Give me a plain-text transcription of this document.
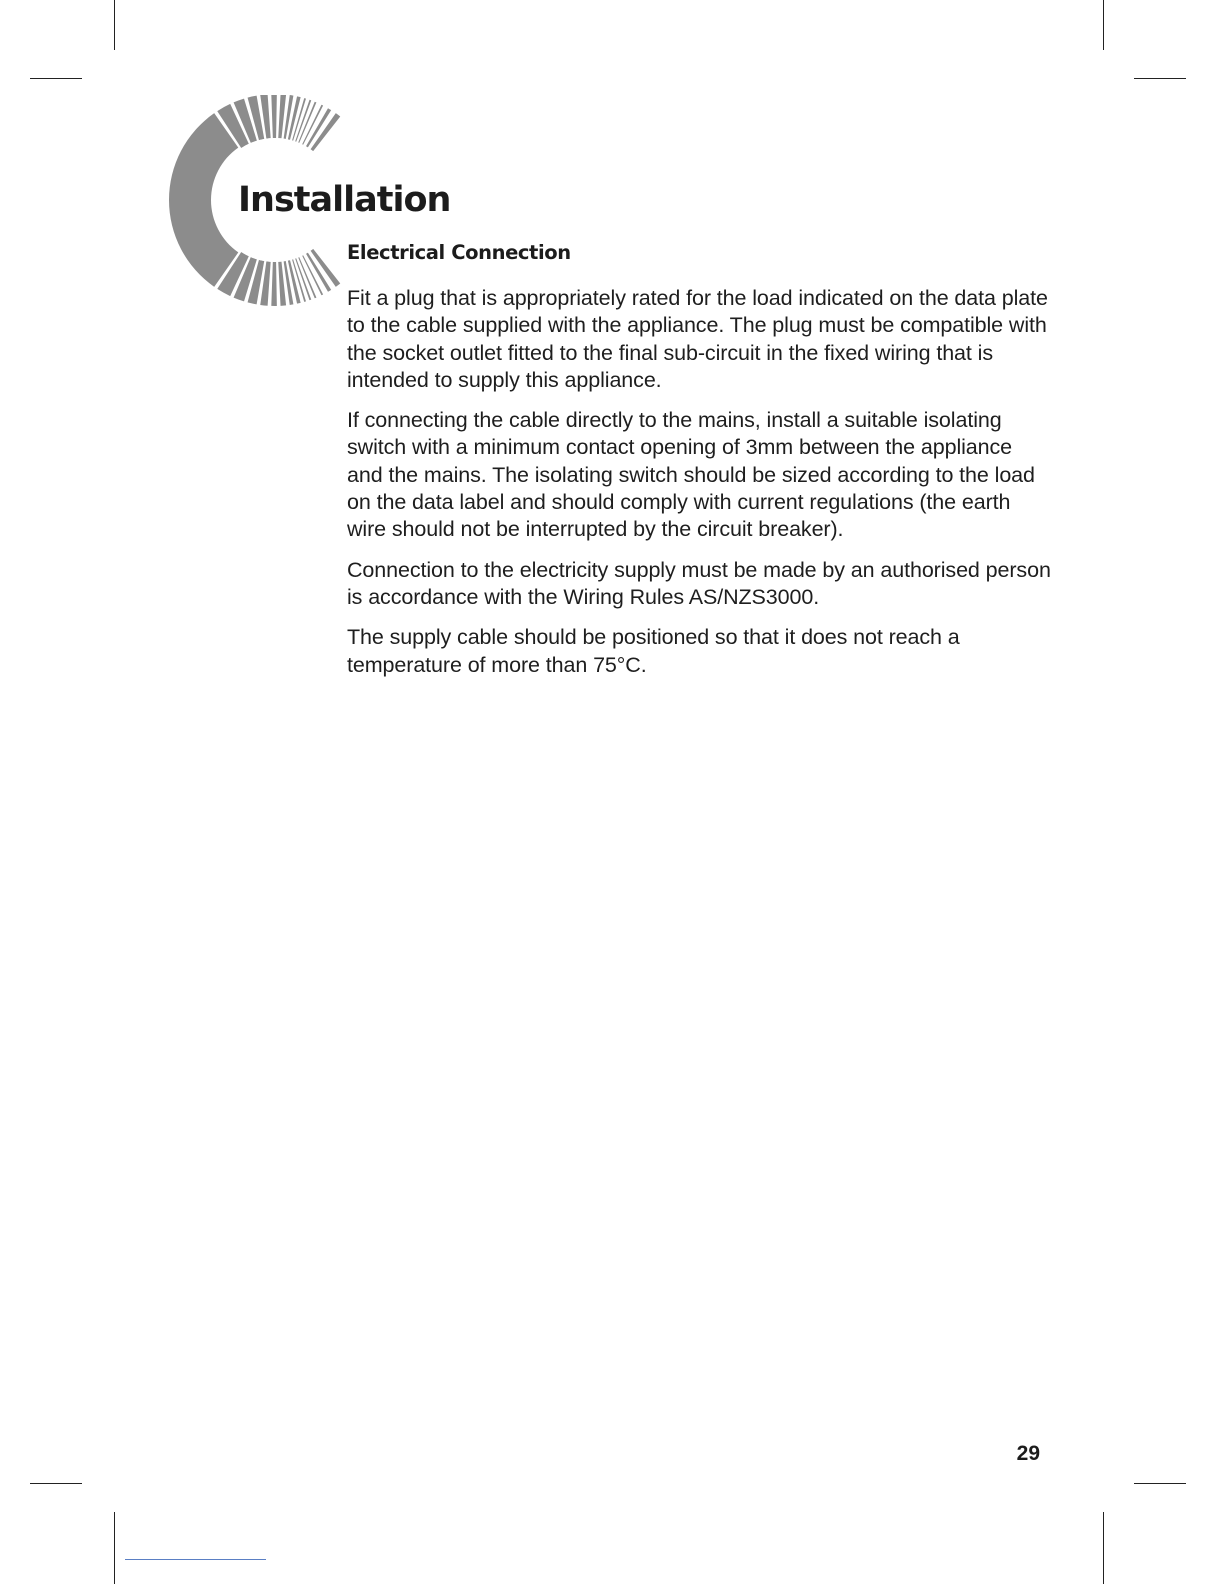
Installation
Electrical Connection

Fit a plug that is appropriately rated for the load indicated on the data plate to the cable supplied with the appliance. The plug must be compatible with the socket outlet fitted to the final sub-circuit in the fixed wiring that is intended to supply this appliance.

If connecting the cable directly to the mains, install a suitable isolating switch with a minimum contact opening of 3mm between the appliance and the mains. The isolating switch should be sized according to the load on the data label and should comply with current regulations (the earth wire should not be interrupted by the circuit breaker).

Connection to the electricity supply must be made by an authorised person is accordance with the Wiring Rules AS/NZS3000.

The supply cable should be positioned so that it does not reach a temperature of more than 75°C.

29
